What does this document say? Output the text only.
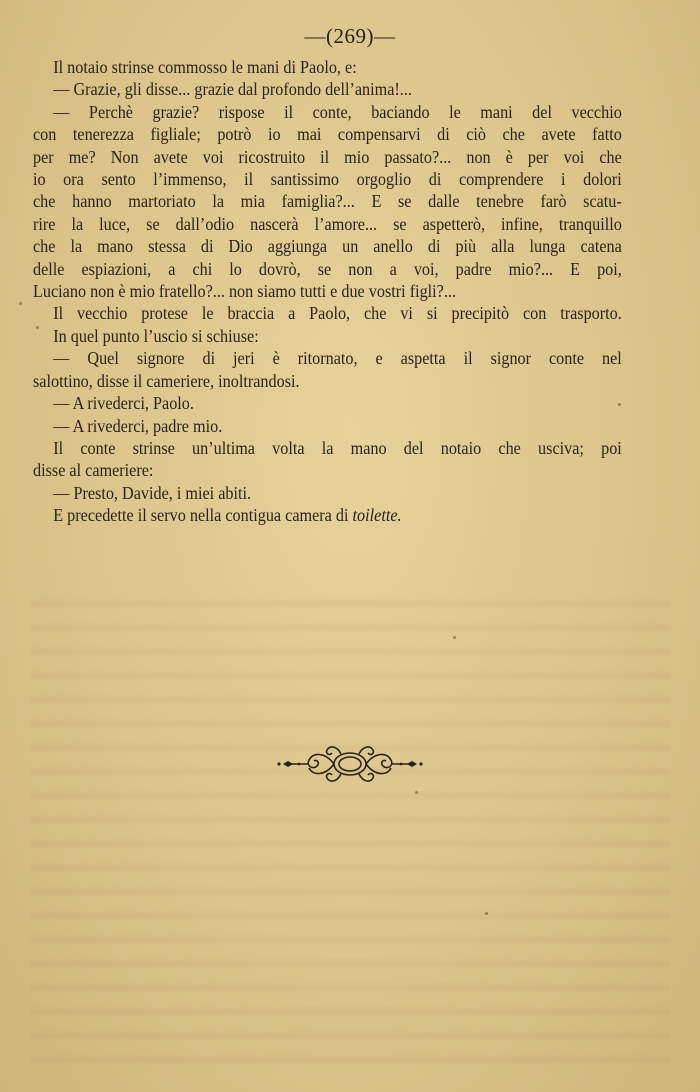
—(269)—
Il notaio strinse commosso le mani di Paolo, e:
— Grazie, gli disse... grazie dal profondo dell’anima!...
— Perchè grazie? rispose il conte, baciando le mani del vecchio
con tenerezza figliale; potrò io mai compensarvi di ciò che avete fatto
per me? Non avete voi ricostruito il mio passato?... non è per voi che
io ora sento l’immenso, il santissimo orgoglio di comprendere i dolori
che hanno martoriato la mia famiglia?... E se dalle tenebre farò scatu-
rire la luce, se dall’odio nascerà l’amore... se aspetterò, infine, tranquillo
che la mano stessa di Dio aggiunga un anello di più alla lunga catena
delle espiazioni, a chi lo dovrò, se non a voi, padre mio?... E poi,
Luciano non è mio fratello?... non siamo tutti e due vostri figli?...
Il vecchio protese le braccia a Paolo, che vi si precipitò con trasporto.
In quel punto l’uscio si schiuse:
— Quel signore di jeri è ritornato, e aspetta il signor conte nel
salottino, disse il cameriere, inoltrandosi.
— A rivederci, Paolo.
— A rivederci, padre mio.
Il conte strinse un’ultima volta la mano del notaio che usciva; poi
disse al cameriere:
— Presto, Davide, i miei abiti.
E precedette il servo nella contigua camera di toilette.
